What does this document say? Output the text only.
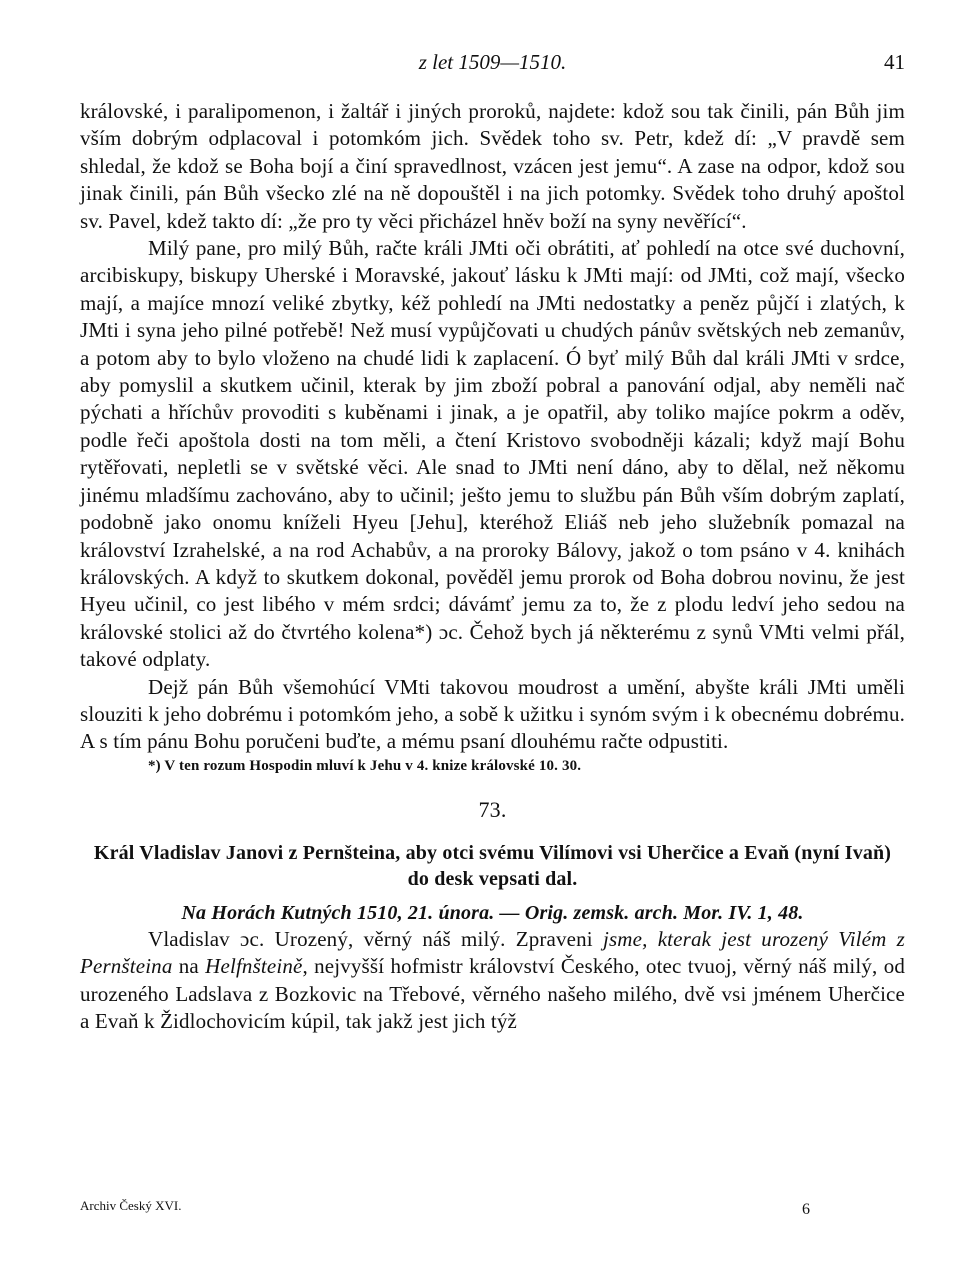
z let 1509—1510.	41

královské, i paralipomenon, i žaltář i jiných proroků, najdete: kdož sou tak činili, pán Bůh jim vším dobrým odplacoval i potomkóm jich. Svědek toho sv. Petr, kdež dí: „V pravdě sem shledal, že kdož se Boha bojí a činí spravedlnost, vzácen jest jemu“. A zase na odpor, kdož sou jinak činili, pán Bůh všecko zlé na ně dopouštěl i na jich potomky. Svědek toho druhý apoštol sv. Pavel, kdež takto dí: „že pro ty věci přicházel hněv boží na syny nevěřící“.

Milý pane, pro milý Bůh, račte králi JMti oči obrátiti, ať pohledí na otce své duchovní, arcibiskupy, biskupy Uherské i Moravské, jakouť lásku k JMti mají: od JMti, což mají, všecko mají, a majíce mnozí veliké zbytky, kéž pohledí na JMti nedostatky a peněz půjčí i zlatých, k JMti i syna jeho pilné potřebě! Než musí vypůjčovati u chudých pánův světských neb zemanův, a potom aby to bylo vloženo na chudé lidi k zaplacení. Ó byť milý Bůh dal králi JMti v srdce, aby pomyslil a skutkem učinil, kterak by jim zboží pobral a panování odjal, aby neměli nač pýchati a hříchův provoditi s kuběnami i jinak, a je opatřil, aby toliko majíce pokrm a oděv, podle řeči apoštola dosti na tom měli, a čtení Kristovo svobodněji kázali; když mají Bohu rytěřovati, nepletli se v světské věci. Ale snad to JMti není dáno, aby to dělal, než někomu jinému mladšímu zachováno, aby to učinil; ješto jemu to službu pán Bůh vším dobrým zaplatí, podobně jako onomu kníželi Hyeu [Jehu], kteréhož Eliáš neb jeho služebník pomazal na království Izrahelské, a na rod Achabův, a na proroky Bálovy, jakož o tom psáno v 4. knihách královských. A když to skutkem dokonal, pověděl jemu prorok od Boha dobrou novinu, že jest Hyeu učinil, co jest libého v mém srdci; dávámť jemu za to, že z plodu ledví jeho sedou na královské stolici až do čtvrtého kolena*) ɔc. Čehož bych já některému z synů VMti velmi přál, takové odplaty.

Dejž pán Bůh všemohúcí VMti takovou moudrost a umění, abyšte králi JMti uměli slouziti k jeho dobrému i potomkóm jeho, a sobě k užitku i synóm svým i k obecnému dobrému. A s tím pánu Bohu poručeni buďte, a mému psaní dlouhému račte odpustiti.

*) V ten rozum Hospodin mluví k Jehu v 4. knize královské 10. 30.

73.
Král Vladislav Janovi z Pernšteina, aby otci svému Vilímovi vsi Uherčice a Evaň (nyní Ivaň) do desk vepsati dal.
Na Horách Kutných 1510, 21. února. — Orig. zemsk. arch. Mor. IV. 1, 48.

Vladislav ɔc. Urozený, věrný náš milý. Zpraveni jsme, kterak jest urozený Vilém z Pernšteina na Helfnšteině, nejvyšší hofmistr království Českého, otec tvuoj, věrný náš milý, od urozeného Ladslava z Bozkovic na Třebové, věrného našeho milého, dvě vsi jménem Uherčice a Evaň k Židlochovicím kúpil, tak jakž jest jich týž

Archiv Český XVI.	6
